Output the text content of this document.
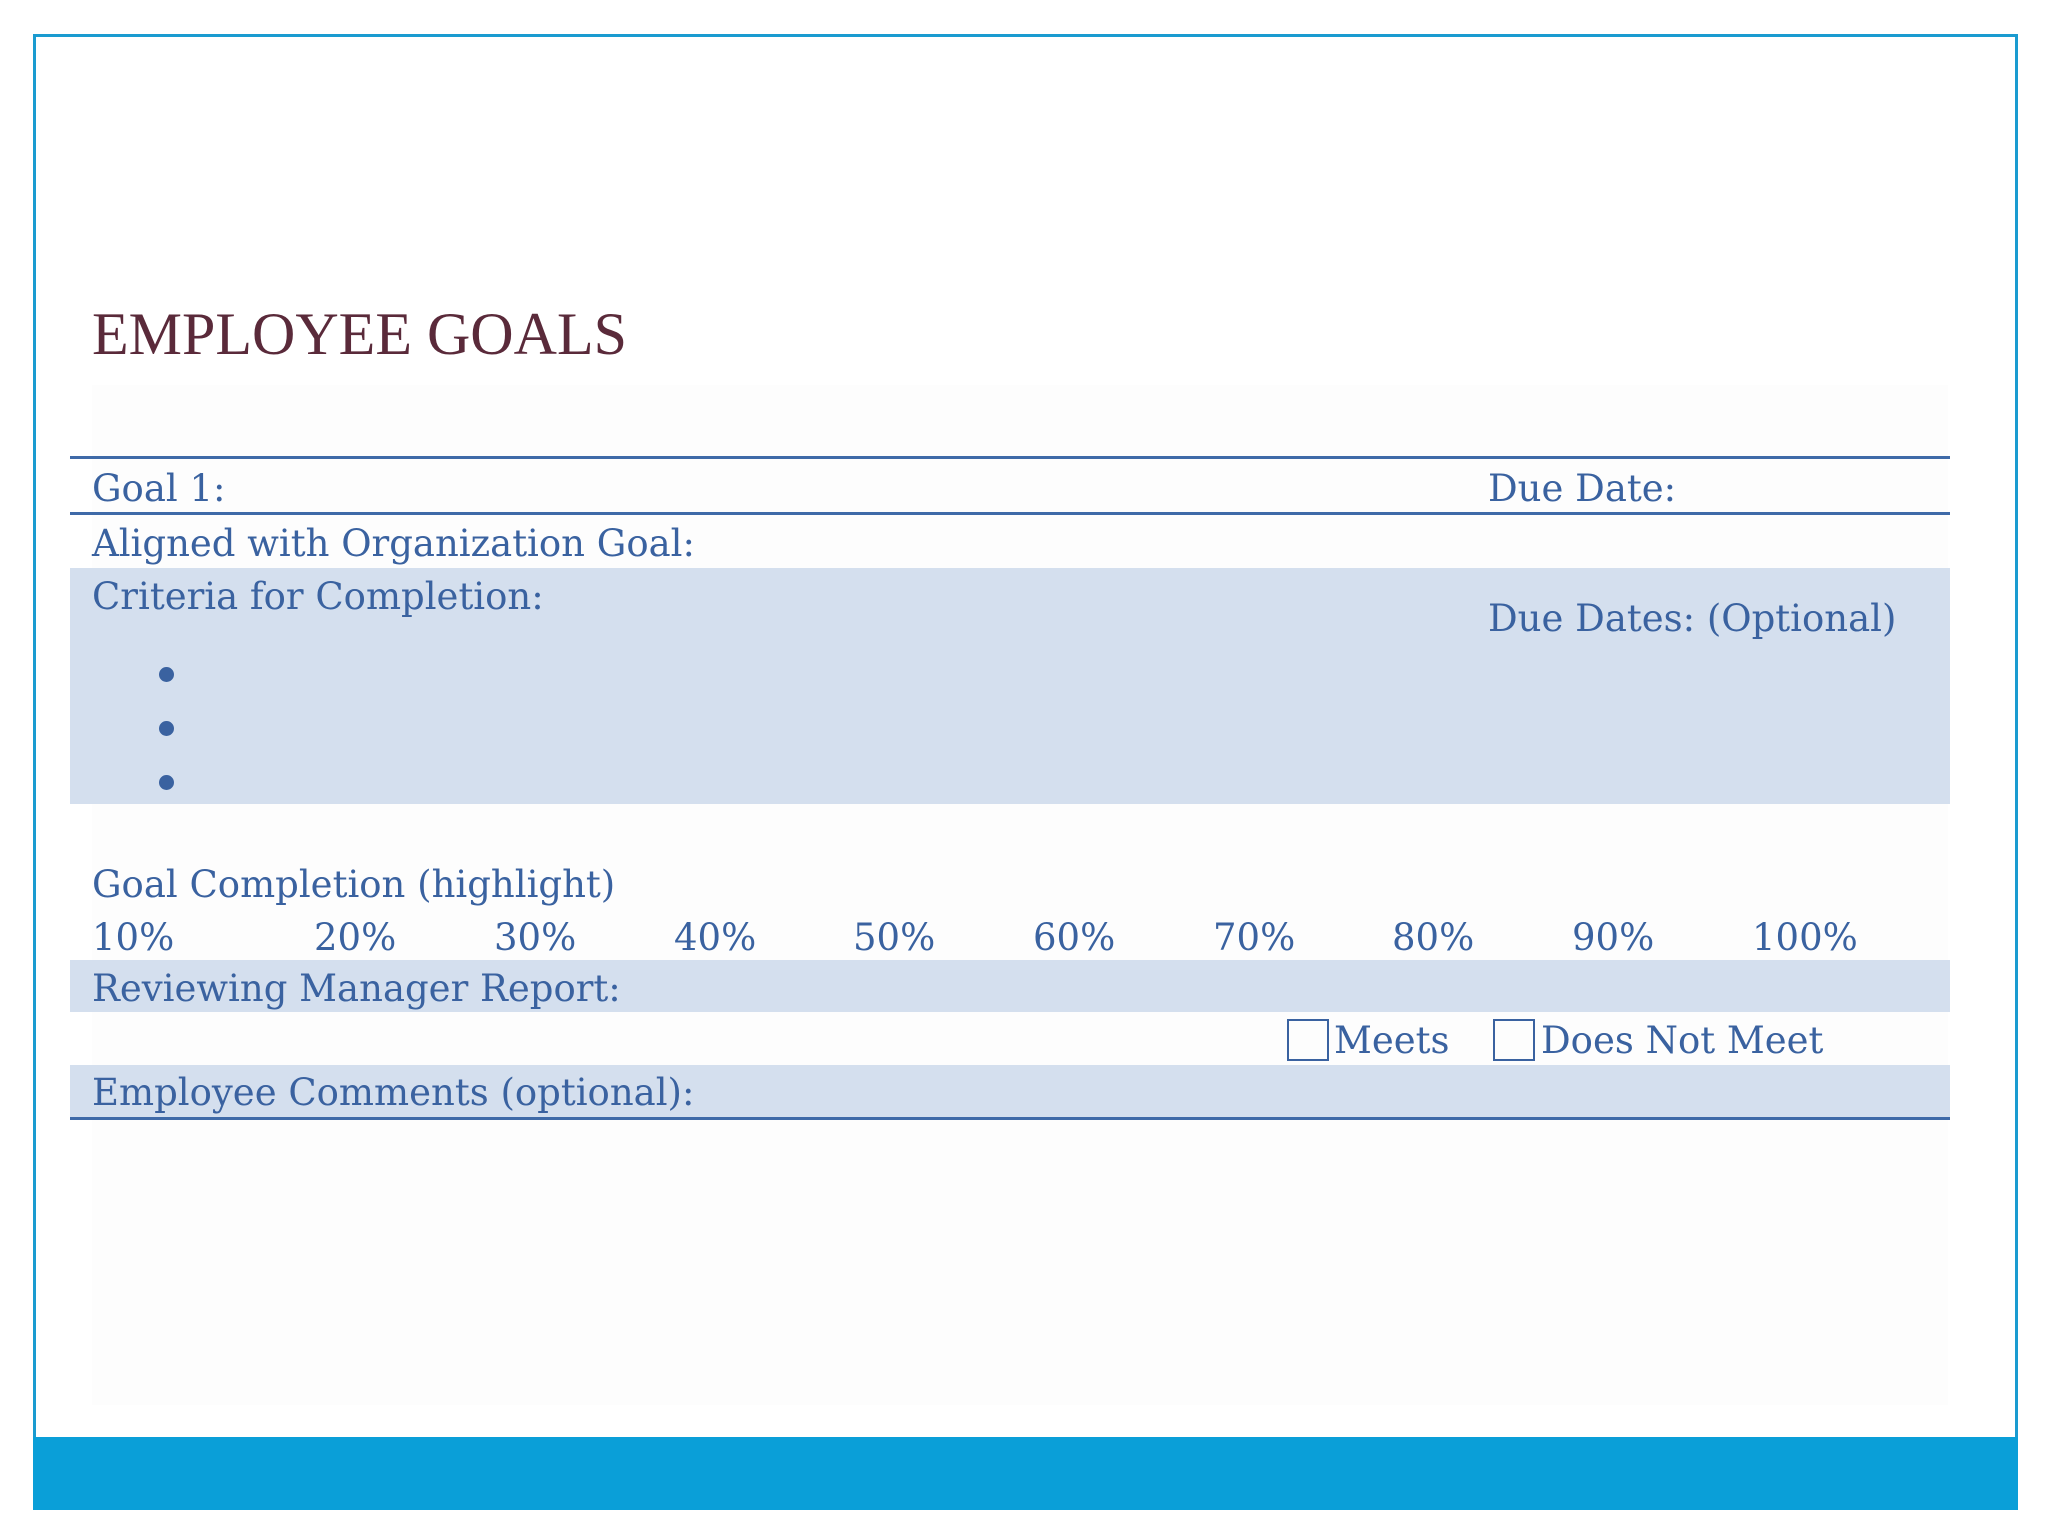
EMPLOYEE GOALS
Goal 1:	Due Date:
Aligned with Organization Goal:
Criteria for Completion:
Due Dates: (Optional)
Goal Completion (highlight)
10%	20%	30%	40%	50%	60%	70%	80%	90%	100%
Reviewing Manager Report:
Meets Does Not Meet
Employee Comments (optional):
